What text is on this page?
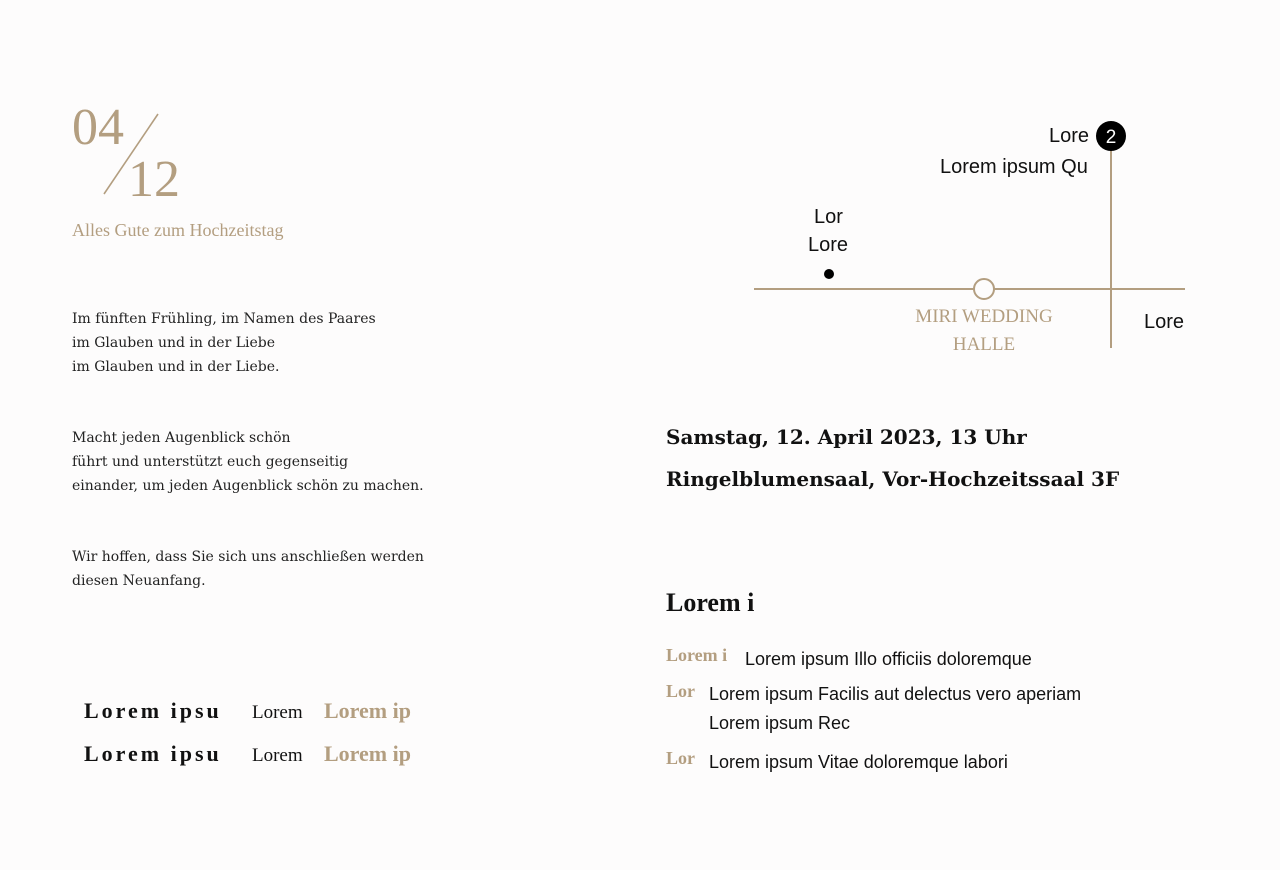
04
12
Alles Gute zum Hochzeitstag
Im fünften Frühling, im Namen des Paares
im Glauben und in der Liebe
im Glauben und in der Liebe.
Macht jeden Augenblick schön
führt und unterstützt euch gegenseitig
einander, um jeden Augenblick schön zu machen.
Wir hoffen, dass Sie sich uns anschließen werden
diesen Neuanfang.
Lorem ipsu	Lorem Lorem ip
Lorem ipsu	Lorem Lorem ip
2
Lore
Lorem ipsum Qu
Lor
Lore
Lore
MIRI WEDDING
HALLE
Samstag, 12. April 2023, 13 Uhr
Ringelblumensaal, Vor-Hochzeitssaal 3F
Lorem i
Lorem i Lorem ipsum Illo officiis doloremque
Lor Lorem ipsum Facilis aut delectus vero aperiam
Lorem ipsum Rec
Lor Lorem ipsum Vitae doloremque labori
